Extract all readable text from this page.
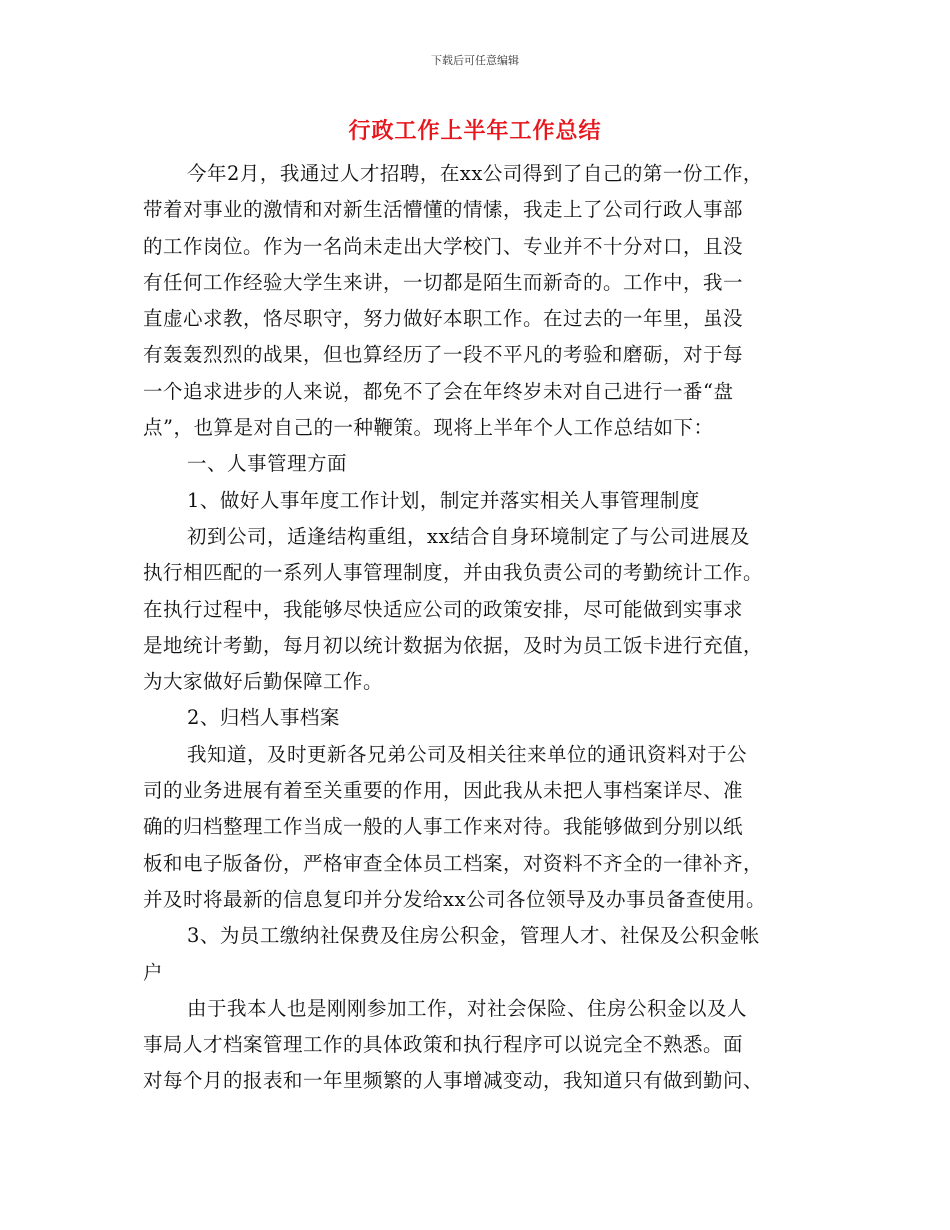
下载后可任意编辑
行政工作上半年工作总结
今年2月，我通过人才招聘，在xx公司得到了自己的第一份工作，
带着对事业的激情和对新生活懵懂的情愫，我走上了公司行政人事部
的工作岗位。作为一名尚未走出大学校门、专业并不十分对口，且没
有任何工作经验大学生来讲，一切都是陌生而新奇的。工作中，我一
直虚心求教，恪尽职守，努力做好本职工作。在过去的一年里，虽没
有轰轰烈烈的战果，但也算经历了一段不平凡的考验和磨砺，对于每
一个追求进步的人来说，都免不了会在年终岁未对自己进行一番“盘
点”，也算是对自己的一种鞭策。现将上半年个人工作总结如下：
一、人事管理方面
1、做好人事年度工作计划，制定并落实相关人事管理制度
初到公司，适逢结构重组，xx结合自身环境制定了与公司进展及
执行相匹配的一系列人事管理制度，并由我负责公司的考勤统计工作。
在执行过程中，我能够尽快适应公司的政策安排，尽可能做到实事求
是地统计考勤，每月初以统计数据为依据，及时为员工饭卡进行充值，
为大家做好后勤保障工作。
2、归档人事档案
我知道，及时更新各兄弟公司及相关往来单位的通讯资料对于公
司的业务进展有着至关重要的作用，因此我从未把人事档案详尽、准
确的归档整理工作当成一般的人事工作来对待。我能够做到分别以纸
板和电子版备份，严格审查全体员工档案，对资料不齐全的一律补齐，
并及时将最新的信息复印并分发给xx公司各位领导及办事员备查使用。
3、为员工缴纳社保费及住房公积金，管理人才、社保及公积金帐
户
由于我本人也是刚刚参加工作，对社会保险、住房公积金以及人
事局人才档案管理工作的具体政策和执行程序可以说完全不熟悉。面
对每个月的报表和一年里频繁的人事增减变动，我知道只有做到勤问、
